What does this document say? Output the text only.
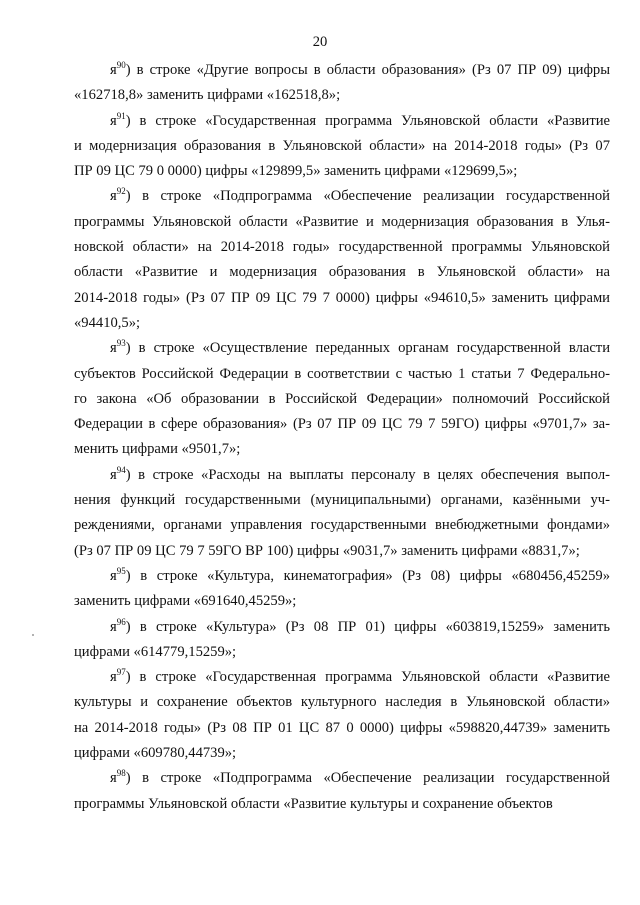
20
$я^{90}$) в строке «Другие вопросы в области образования» (Рз 07 ПР 09) цифры
«162718,8» заменить цифрами «162518,8»;
$я^{91}$) в строке «Государственная программа Ульяновской области «Развитие
и модернизация образования в Ульяновской области» на 2014-2018 годы» (Рз 07
ПР 09 ЦС 79 0 0000) цифры «129899,5» заменить цифрами «129699,5»;
$я^{92}$) в строке «Подпрограмма «Обеспечение реализации государственной
программы Ульяновской области «Развитие и модернизация образования в Улья-
новской области» на 2014-2018 годы» государственной программы Ульяновской
области «Развитие и модернизация образования в Ульяновской области» на
2014-2018 годы» (Рз 07 ПР 09 ЦС 79 7 0000) цифры «94610,5» заменить цифрами
«94410,5»;
$я^{93}$) в строке «Осуществление переданных органам государственной власти
субъектов Российской Федерации в соответствии с частью 1 статьи 7 Федерально-
го закона «Об образовании в Российской Федерации» полномочий Российской
Федерации в сфере образования» (Рз 07 ПР 09 ЦС 79 7 59ГО) цифры «9701,7» за-
менить цифрами «9501,7»;
$я^{94}$) в строке «Расходы на выплаты персоналу в целях обеспечения выпол-
нения функций государственными (муниципальными) органами, казёнными уч-
реждениями, органами управления государственными внебюджетными фондами»
(Рз 07 ПР 09 ЦС 79 7 59ГО ВР 100) цифры «9031,7» заменить цифрами «8831,7»;
$я^{95}$) в строке «Культура, кинематография» (Рз 08) цифры «680456,45259»
заменить цифрами «691640,45259»;
$я^{96}$) в строке «Культура» (Рз 08 ПР 01) цифры «603819,15259» заменить
цифрами «614779,15259»;
$я^{97}$) в строке «Государственная программа Ульяновской области «Развитие
культуры и сохранение объектов культурного наследия в Ульяновской области»
на 2014-2018 годы» (Рз 08 ПР 01 ЦС 87 0 0000) цифры «598820,44739» заменить
цифрами «609780,44739»;
$я^{98}$) в строке «Подпрограмма «Обеспечение реализации государственной
программы Ульяновской области «Развитие культуры и сохранение объектов
